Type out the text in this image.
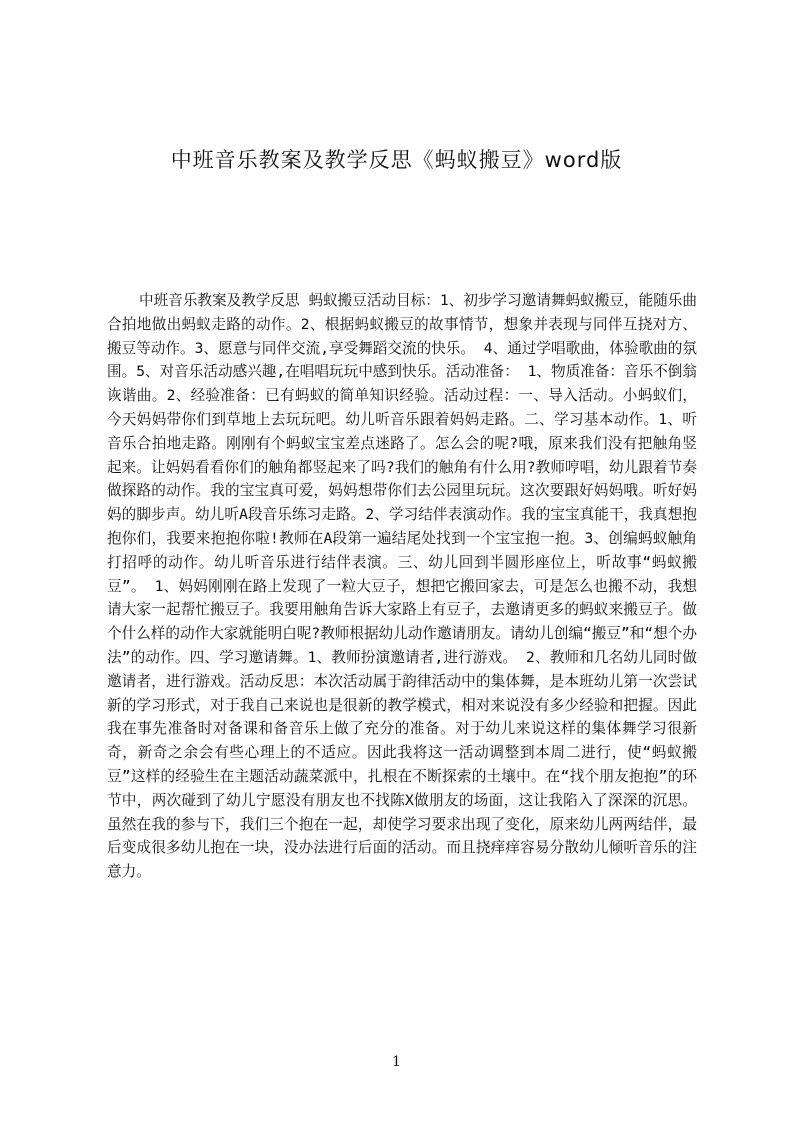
中班音乐教案及教学反思《蚂蚁搬豆》word版

中班音乐教案及教学反思 蚂蚁搬豆活动目标：1、初步学习邀请舞蚂蚁搬豆，能随乐曲合拍地做出蚂蚁走路的动作。2、根据蚂蚁搬豆的故事情节，想象并表现与同伴互挠对方、搬豆等动作。3、愿意与同伴交流,享受舞蹈交流的快乐。 4、通过学唱歌曲，体验歌曲的氛围。5、对音乐活动感兴趣,在唱唱玩玩中感到快乐。活动准备： 1、物质准备：音乐不倒翁诙谐曲。2、经验准备：已有蚂蚁的简单知识经验。活动过程：一、导入活动。小蚂蚁们，今天妈妈带你们到草地上去玩玩吧。幼儿听音乐跟着妈妈走路。二、学习基本动作。1、听音乐合拍地走路。刚刚有个蚂蚁宝宝差点迷路了。怎么会的呢?哦，原来我们没有把触角竖起来。让妈妈看看你们的触角都竖起来了吗?我们的触角有什么用?教师哼唱，幼儿跟着节奏做探路的动作。我的宝宝真可爱，妈妈想带你们去公园里玩玩。这次要跟好妈妈哦。听好妈妈的脚步声。幼儿听A段音乐练习走路。2、学习结伴表演动作。我的宝宝真能干，我真想抱抱你们，我要来抱抱你啦!教师在A段第一遍结尾处找到一个宝宝抱一抱。3、创编蚂蚁触角打招呼的动作。幼儿听音乐进行结伴表演。三、幼儿回到半圆形座位上，听故事“蚂蚁搬豆”。 1、妈妈刚刚在路上发现了一粒大豆子，想把它搬回家去，可是怎么也搬不动，我想请大家一起帮忙搬豆子。我要用触角告诉大家路上有豆子，去邀请更多的蚂蚁来搬豆子。做个什么样的动作大家就能明白呢?教师根据幼儿动作邀请朋友。请幼儿创编“搬豆”和“想个办法”的动作。四、学习邀请舞。1、教师扮演邀请者,进行游戏。 2、教师和几名幼儿同时做邀请者，进行游戏。活动反思：本次活动属于韵律活动中的集体舞，是本班幼儿第一次尝试新的学习形式，对于我自己来说也是很新的教学模式，相对来说没有多少经验和把握。因此我在事先准备时对备课和备音乐上做了充分的准备。对于幼儿来说这样的集体舞学习很新奇，新奇之余会有些心理上的不适应。因此我将这一活动调整到本周二进行，使“蚂蚁搬豆”这样的经验生在主题活动蔬菜派中，扎根在不断探索的土壤中。在“找个朋友抱抱”的环节中，两次碰到了幼儿宁愿没有朋友也不找陈X做朋友的场面，这让我陷入了深深的沉思。虽然在我的参与下，我们三个抱在一起，却使学习要求出现了变化，原来幼儿两两结伴，最后变成很多幼儿抱在一块，没办法进行后面的活动。而且挠痒痒容易分散幼儿倾听音乐的注意力。

1
